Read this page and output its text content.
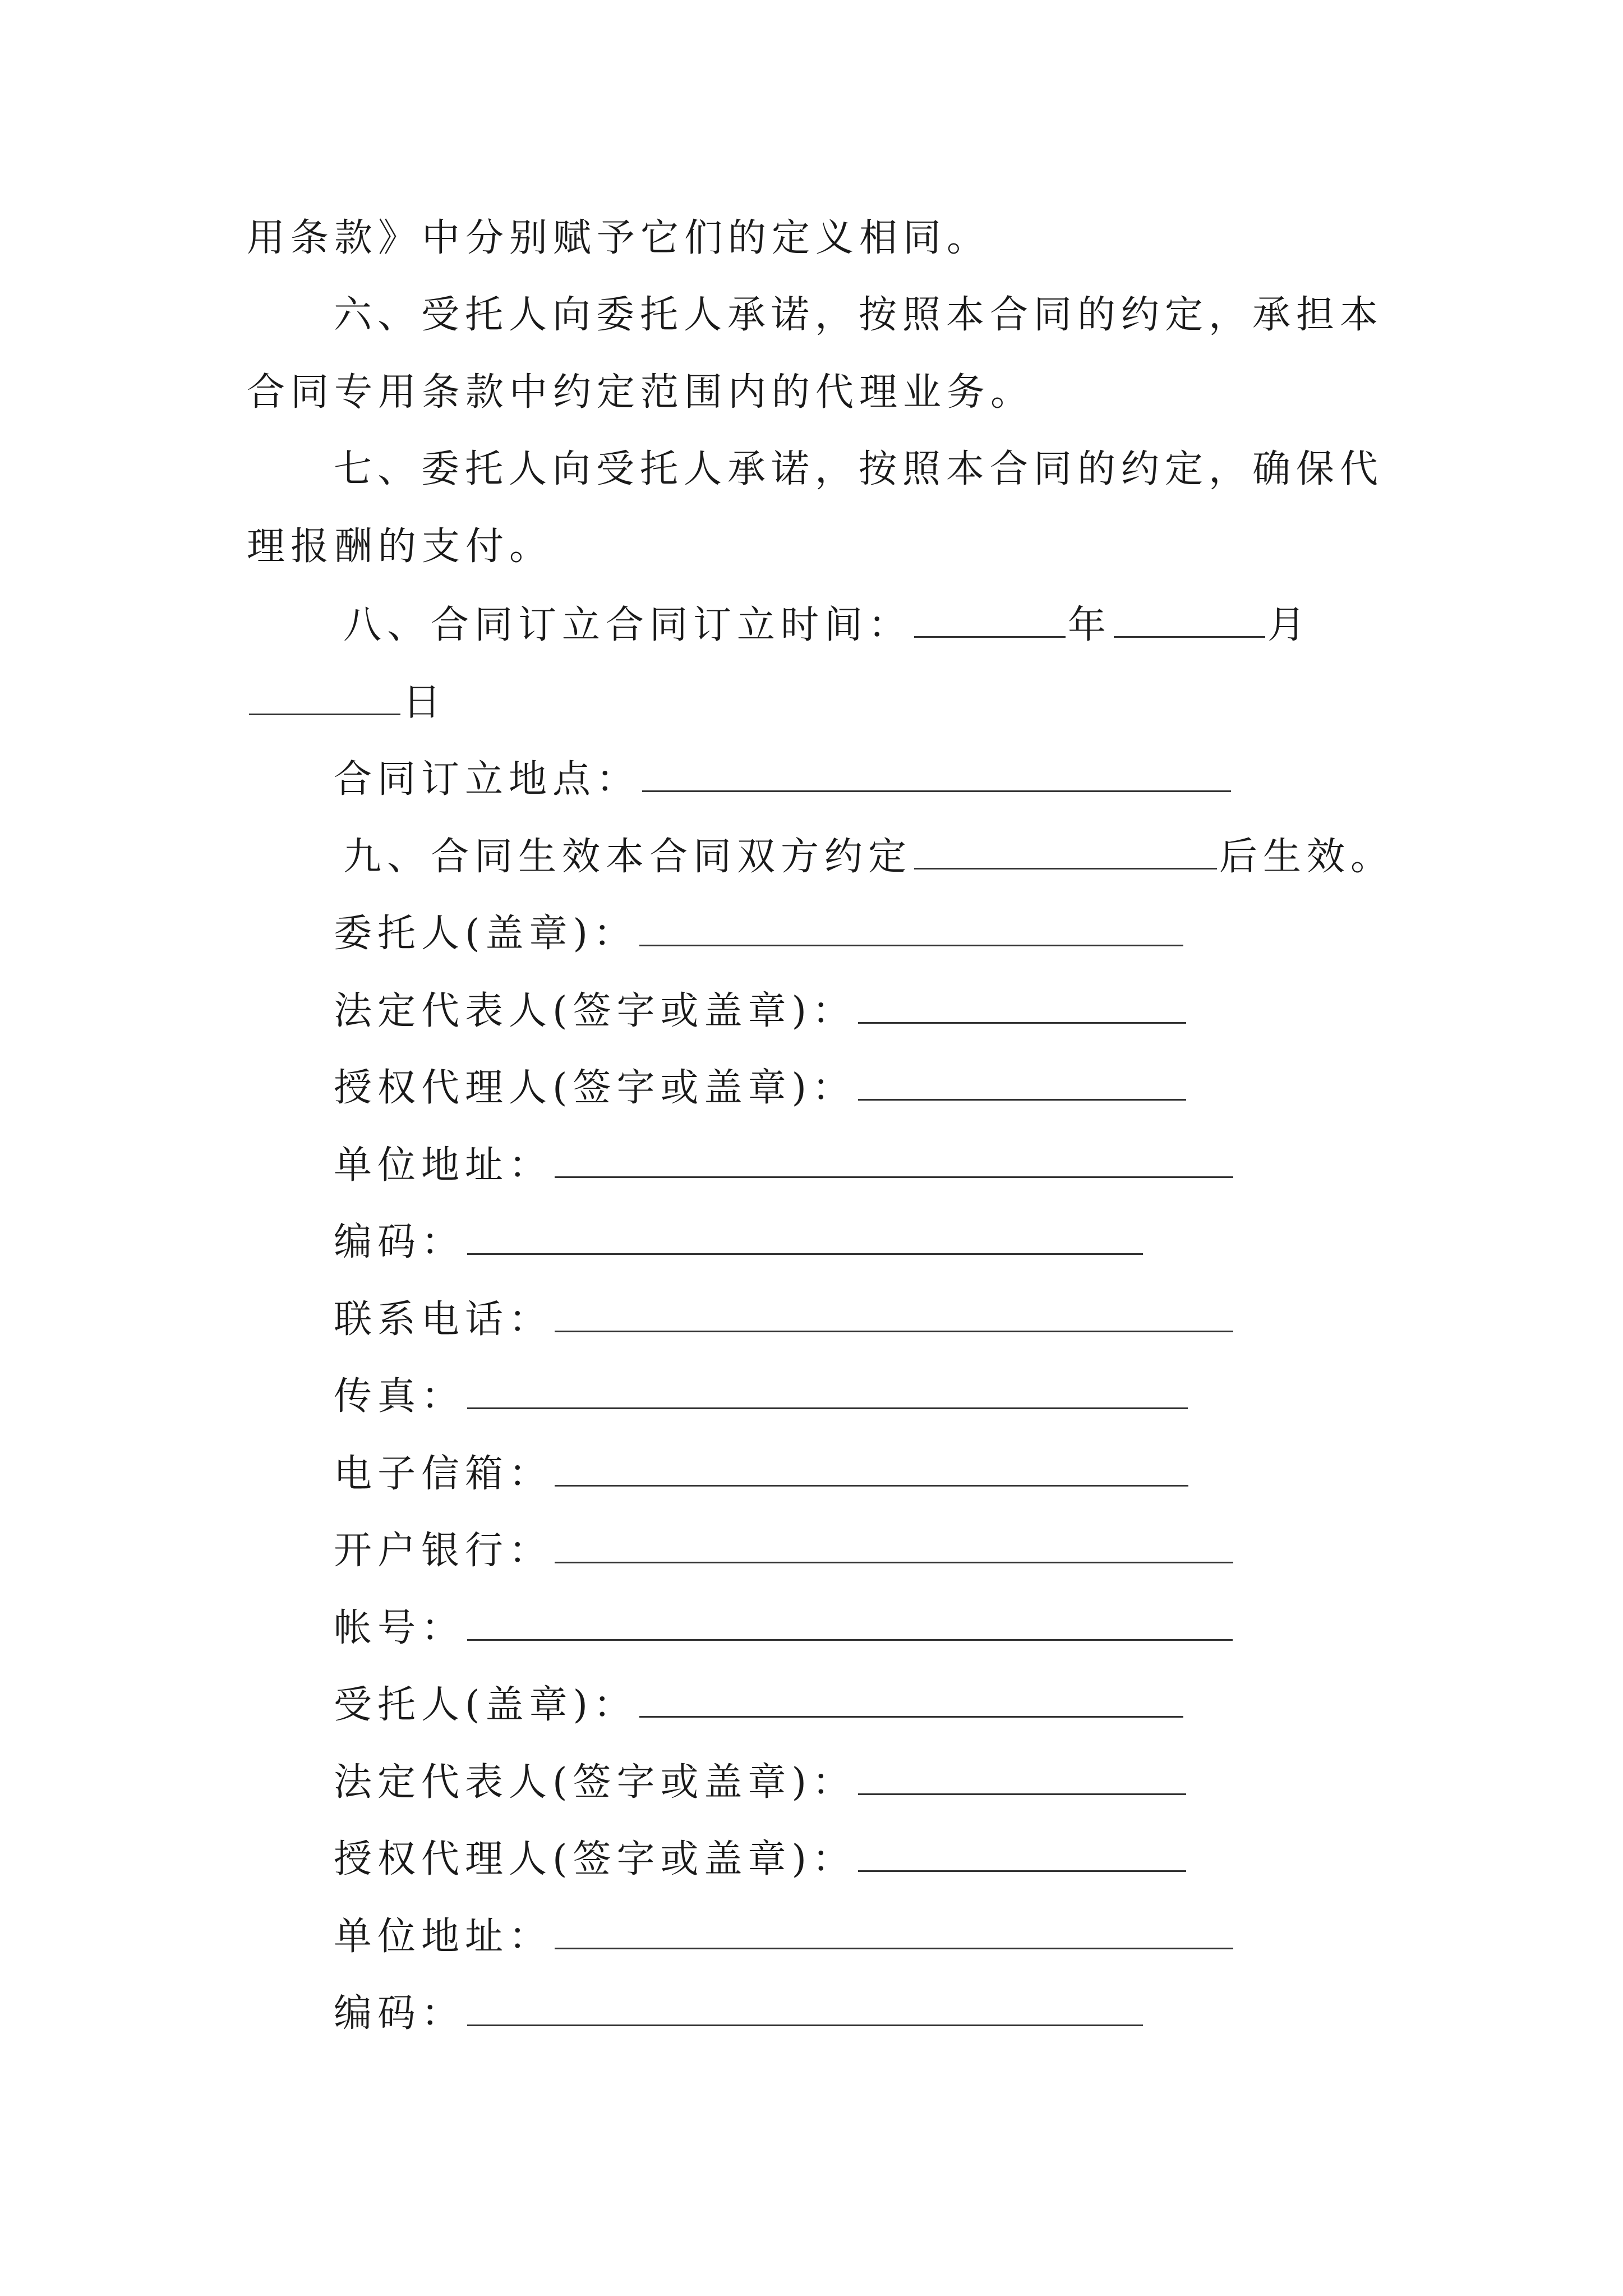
用条款》中分别赋予它们的定义相同。
六、受托人向委托人承诺，按照本合同的约定，承担本
合同专用条款中约定范围内的代理业务。
七、委托人向受托人承诺，按照本合同的约定，确保代
理报酬的支付。
八、合同订立合同订立时间：	年	月
日
合同订立地点：
九、合同生效本合同双方约定	后生效。
委托人(盖章)：
法定代表人(签字或盖章)：
授权代理人(签字或盖章)：
单位地址：
编码：
联系电话：
传真：
电子信箱：
开户银行：
帐号：
受托人(盖章)：
法定代表人(签字或盖章)：
授权代理人(签字或盖章)：
单位地址：
编码：
